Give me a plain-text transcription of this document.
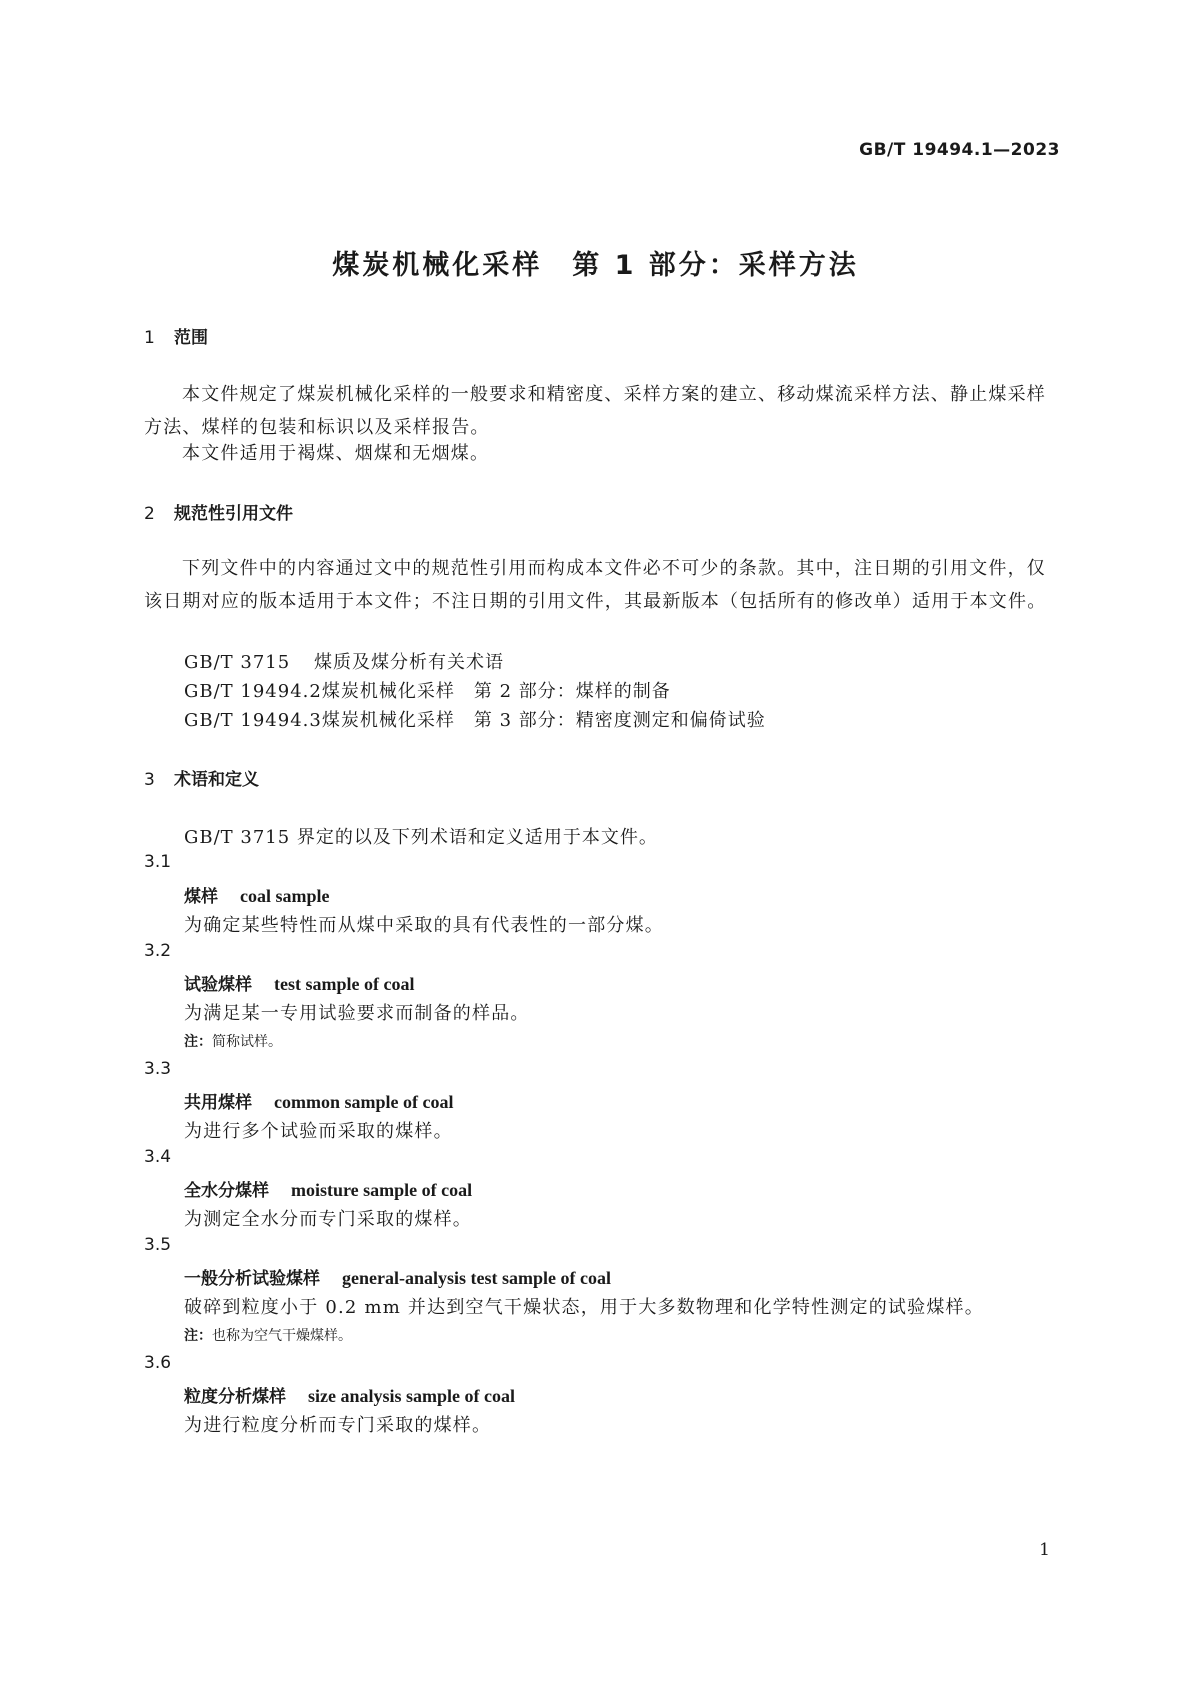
GB/T 19494.1—2023
煤炭机械化采样　第 1 部分：采样方法
1 范围

本文件规定了煤炭机械化采样的一般要求和精密度、采样方案的建立、移动煤流采样方法、静止煤采样方法、煤样的包装和标识以及采样报告。

本文件适用于褐煤、烟煤和无烟煤。

2 规范性引用文件

下列文件中的内容通过文中的规范性引用而构成本文件必不可少的条款。其中，注日期的引用文件，仅该日期对应的版本适用于本文件；不注日期的引用文件，其最新版本（包括所有的修改单）适用于本文件。

GB/T 3715 煤质及煤分析有关术语
GB/T 19494.2煤炭机械化采样　第 2 部分：煤样的制备
GB/T 19494.3煤炭机械化采样　第 3 部分：精密度测定和偏倚试验
3 术语和定义
GB/T 3715 界定的以及下列术语和定义适用于本文件。
3.1
煤样 coal sample
为确定某些特性而从煤中采取的具有代表性的一部分煤。
3.2
试验煤样 test sample of coal
为满足某一专用试验要求而制备的样品。
注：简称试样。
3.3
共用煤样 common sample of coal
为进行多个试验而采取的煤样。
3.4
全水分煤样 moisture sample of coal
为测定全水分而专门采取的煤样。
3.5
一般分析试验煤样 general-analysis test sample of coal
破碎到粒度小于 0.2 mm 并达到空气干燥状态，用于大多数物理和化学特性测定的试验煤样。
注：也称为空气干燥煤样。
3.6
粒度分析煤样 size analysis sample of coal
为进行粒度分析而专门采取的煤样。
1
